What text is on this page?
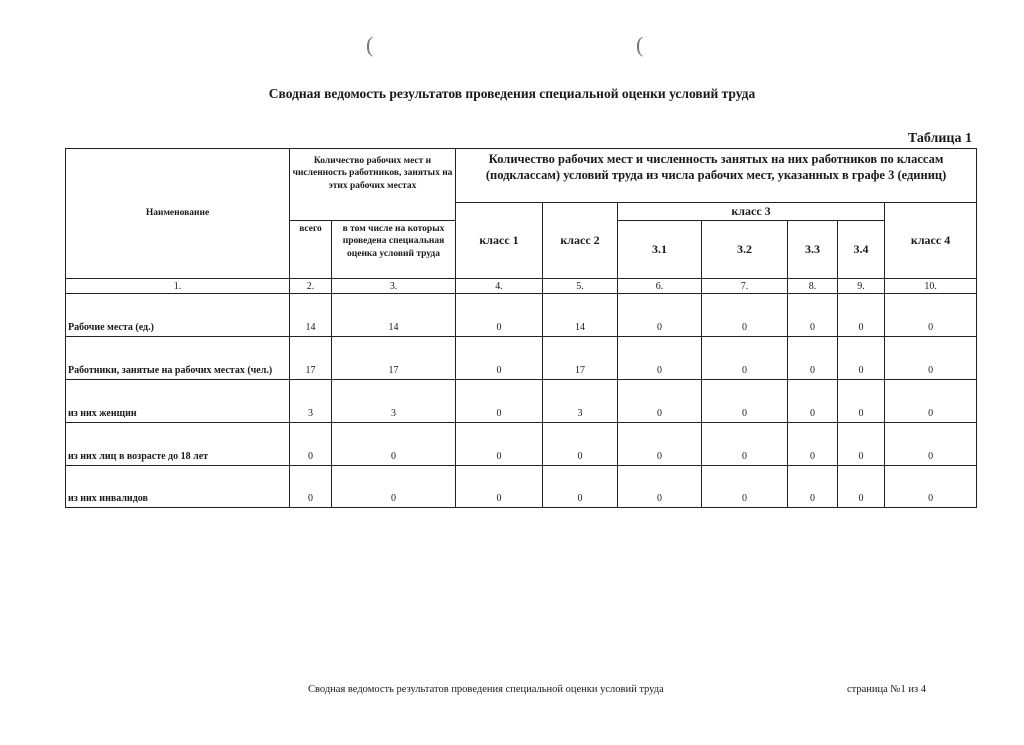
(	(
Сводная ведомость результатов проведения специальной оценки условий труда
Таблица 1
Наименование	Количество рабочих мест и численность работников, занятых на этих рабочих местах		Количество рабочих мест и численность занятых на них работников по классам (подклассам) условий труда из числа рабочих мест, указанных в графе 3 (единиц)						
			класс 1	класс 2	класс 3				класс 4
	всего	в том числе на которых проведена специальная оценка условий труда			3.1	3.2	3.3	3.4	
1.	2.	3.	4.	5.	6.	7.	8.	9.	10.
Рабочие места (ед.)	14	14	0	14	0	0	0	0	0
Работники, занятые на рабочих местах (чел.)	17	17	0	17	0	0	0	0	0
из них женщин	3	3	0	3	0	0	0	0	0
из них лиц в возрасте до 18 лет	0	0	0	0	0	0	0	0	0
из них инвалидов	0	0	0	0	0	0	0	0	0
Сводная ведомость результатов проведения специальной оценки условий труда	страница №1 из 4
